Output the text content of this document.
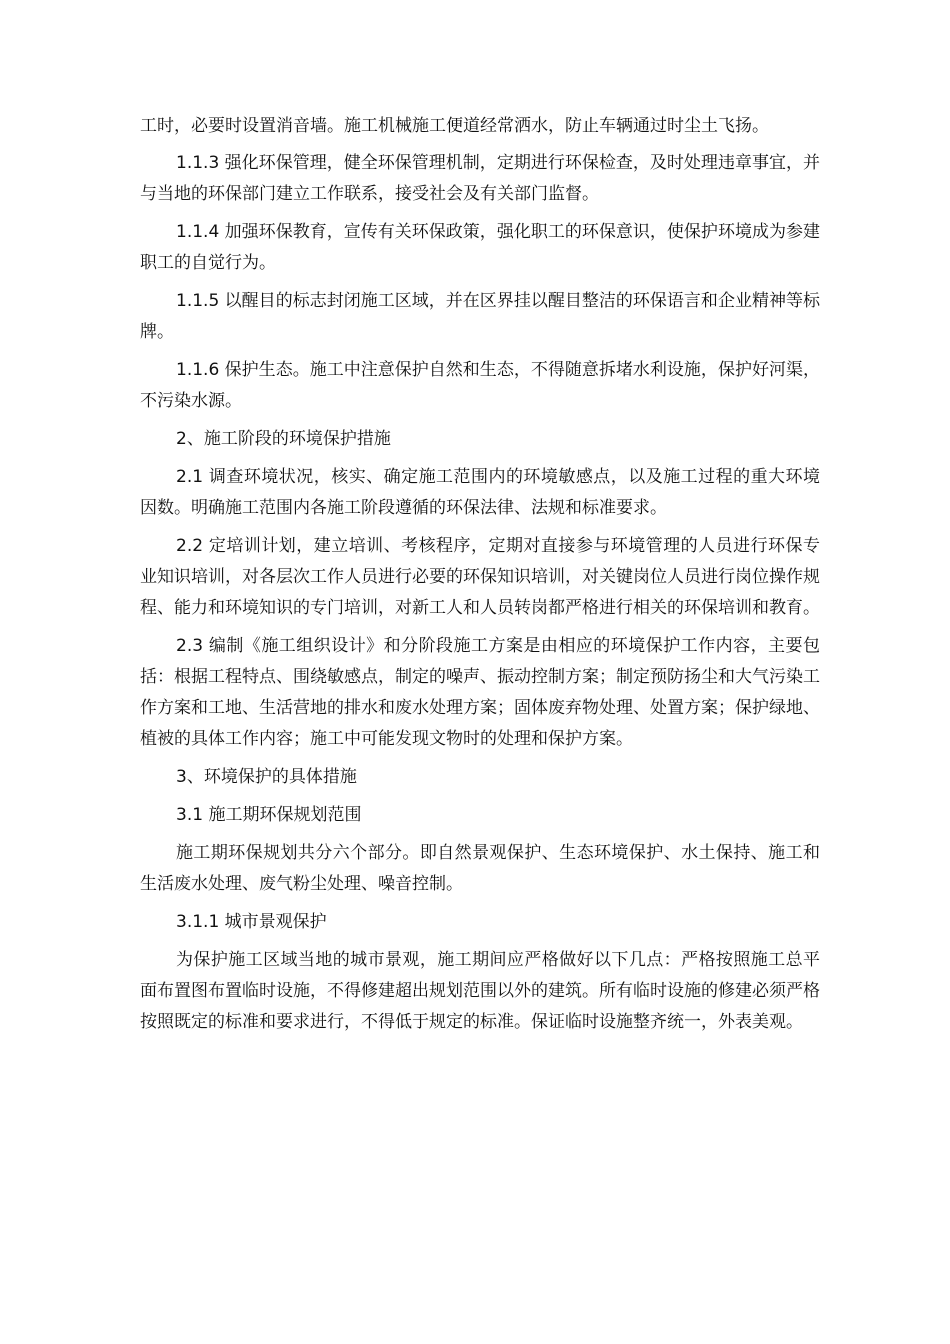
工时，必要时设置消音墙。施工机械施工便道经常洒水，防止车辆通过时尘土飞扬。

1.1.3 强化环保管理，健全环保管理机制，定期进行环保检查，及时处理违章事宜，并与当地的环保部门建立工作联系，接受社会及有关部门监督。

1.1.4 加强环保教育，宣传有关环保政策，强化职工的环保意识，使保护环境成为参建职工的自觉行为。

1.1.5 以醒目的标志封闭施工区域，并在区界挂以醒目整洁的环保语言和企业精神等标牌。

1.1.6 保护生态。施工中注意保护自然和生态，不得随意拆堵水利设施，保护好河渠，不污染水源。

2、施工阶段的环境保护措施

2.1 调查环境状况，核实、确定施工范围内的环境敏感点，以及施工过程的重大环境因数。明确施工范围内各施工阶段遵循的环保法律、法规和标准要求。

2.2 定培训计划，建立培训、考核程序，定期对直接参与环境管理的人员进行环保专业知识培训，对各层次工作人员进行必要的环保知识培训，对关键岗位人员进行岗位操作规程、能力和环境知识的专门培训，对新工人和人员转岗都严格进行相关的环保培训和教育。

2.3 编制《施工组织设计》和分阶段施工方案是由相应的环境保护工作内容，主要包括：根据工程特点、围绕敏感点，制定的噪声、振动控制方案；制定预防扬尘和大气污染工作方案和工地、生活营地的排水和废水处理方案；固体废弃物处理、处置方案；保护绿地、植被的具体工作内容；施工中可能发现文物时的处理和保护方案。

3、环境保护的具体措施

3.1 施工期环保规划范围

施工期环保规划共分六个部分。即自然景观保护、生态环境保护、水土保持、施工和生活废水处理、废气粉尘处理、噪音控制。

3.1.1 城市景观保护

为保护施工区域当地的城市景观，施工期间应严格做好以下几点：严格按照施工总平面布置图布置临时设施，不得修建超出规划范围以外的建筑。所有临时设施的修建必须严格按照既定的标准和要求进行，不得低于规定的标准。保证临时设施整齐统一，外表美观。
